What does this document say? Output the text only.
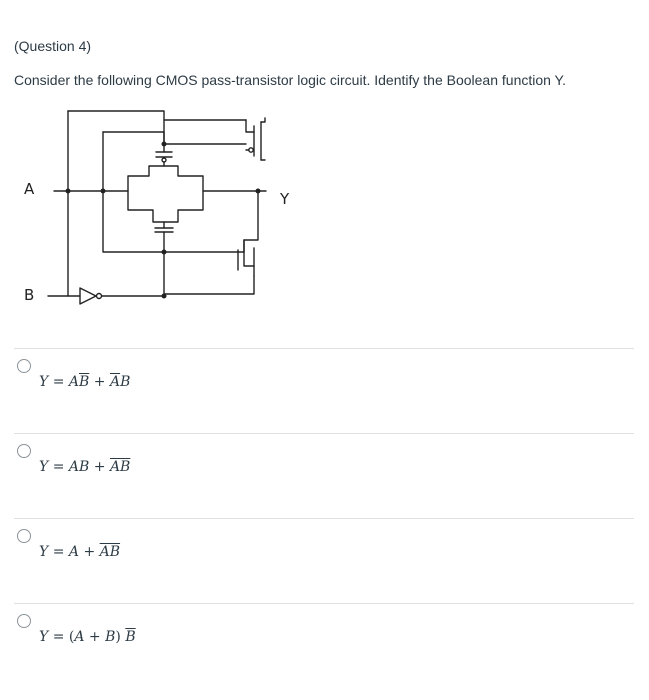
(Question 4)
Consider the following CMOS pass-transistor logic circuit. Identify the Boolean function Y.
A
B
Y
$Y = A\overline{B} + \overline{A}B$
Y = AB + $\overline{AB}$
$Y = A + \overline{AB}$
Y = (A + B) $\overline{B}$
